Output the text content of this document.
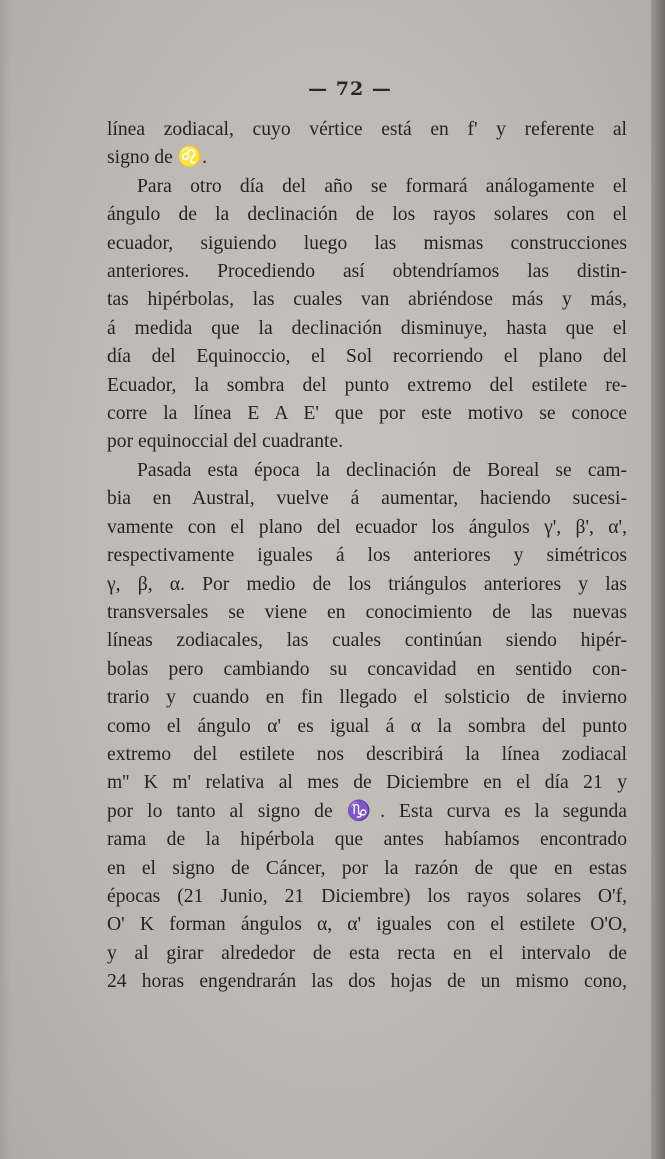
— 72 —
línea zodiacal, cuyo vértice está en f' y referente al
signo de ♌.
Para otro día del año se formará análogamente el
ángulo de la declinación de los rayos solares con el
ecuador, siguiendo luego las mismas construcciones
anteriores. Procediendo así obtendríamos las distin-
tas hipérbolas, las cuales van abriéndose más y más,
á medida que la declinación disminuye, hasta que el
día del Equinoccio, el Sol recorriendo el plano del
Ecuador, la sombra del punto extremo del estilete re-
corre la línea E A E' que por este motivo se conoce
por equinoccial del cuadrante.
Pasada esta época la declinación de Boreal se cam-
bia en Austral, vuelve á aumentar, haciendo sucesi-
vamente con el plano del ecuador los ángulos γ', β', α',
respectivamente iguales á los anteriores y simétricos
γ, β, α. Por medio de los triángulos anteriores y las
transversales se viene en conocimiento de las nuevas
líneas zodiacales, las cuales continúan siendo hipér-
bolas pero cambiando su concavidad en sentido con-
trario y cuando en fin llegado el solsticio de invierno
como el ángulo α' es igual á α la sombra del punto
extremo del estilete nos describirá la línea zodiacal
m'' K m' relativa al mes de Diciembre en el día 21 y
por lo tanto al signo de ♑. Esta curva es la segunda
rama de la hipérbola que antes habíamos encontrado
en el signo de Cáncer, por la razón de que en estas
épocas (21 Junio, 21 Diciembre) los rayos solares O'f,
O' K forman ángulos α, α' iguales con el estilete O'O,
y al girar alrededor de esta recta en el intervalo de
24 horas engendrarán las dos hojas de un mismo cono,
